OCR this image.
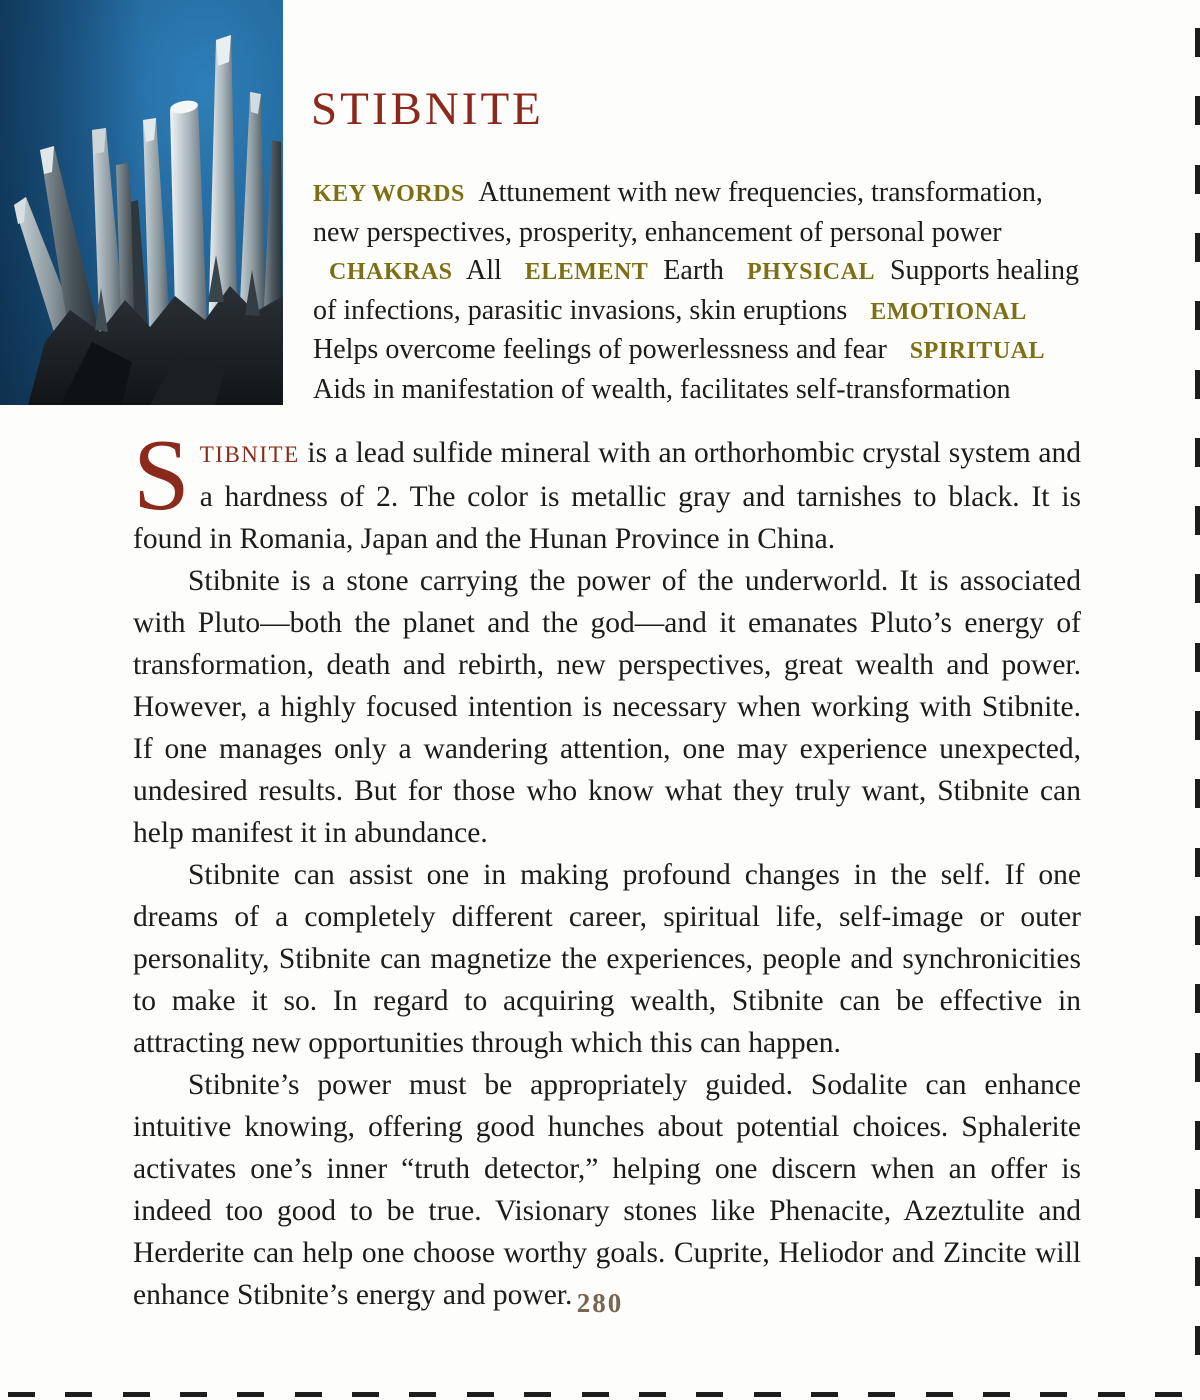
STIBNITE

KEY WORDS Attunement with new frequencies, transformation, new perspectives, prosperity, enhancement of personal power CHAKRAS All ELEMENT Earth PHYSICAL Supports healing of infections, parasitic invasions, skin eruptions EMOTIONAL Helps overcome feelings of powerlessness and fear SPIRITUAL Aids in manifestation of wealth, facilitates self-transformation

STIBNITE is a lead sulfide mineral with an orthorhombic crystal system and a hardness of 2. The color is metallic gray and tarnishes to black. It is found in Romania, Japan and the Hunan Province in China.

Stibnite is a stone carrying the power of the underworld. It is associated with Pluto—both the planet and the god—and it emanates Pluto’s energy of transformation, death and rebirth, new perspectives, great wealth and power. However, a highly focused intention is necessary when working with Stibnite. If one manages only a wandering attention, one may experience unexpected, undesired results. But for those who know what they truly want, Stibnite can help manifest it in abundance.

Stibnite can assist one in making profound changes in the self. If one dreams of a completely different career, spiritual life, self-image or outer personality, Stibnite can magnetize the experiences, people and synchronicities to make it so. In regard to acquiring wealth, Stibnite can be effective in attracting new opportunities through which this can happen.

Stibnite’s power must be appropriately guided. Sodalite can enhance intuitive knowing, offering good hunches about potential choices. Sphalerite activates one’s inner “truth detector,” helping one discern when an offer is indeed too good to be true. Visionary stones like Phenacite, Azeztulite and Herderite can help one choose worthy goals. Cuprite, Heliodor and Zincite will enhance Stibnite’s energy and power. 280
